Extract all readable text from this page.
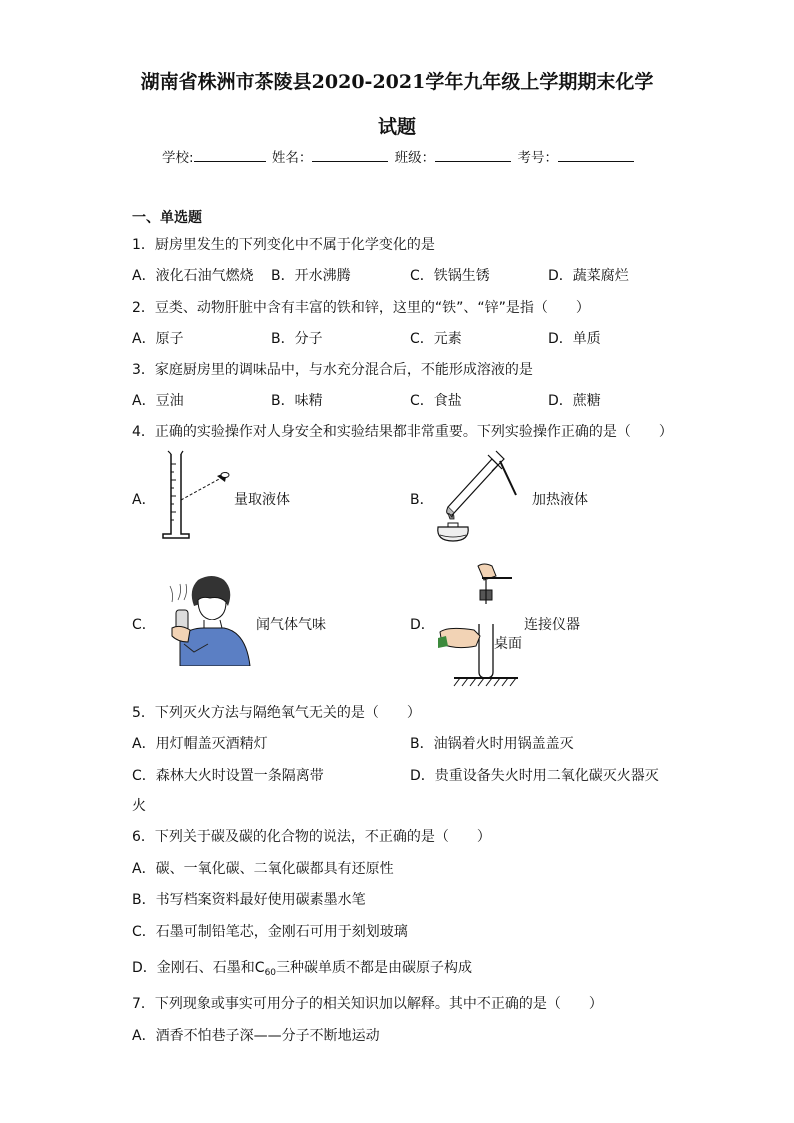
湖南省株洲市茶陵县2020-2021学年九年级上学期期末化学
试题
学校:	姓名：	班级：	考号：
一、单选题
1．厨房里发生的下列变化中不属于化学变化的是
A．液化石油气燃烧 B．开水沸腾	C．铁锅生锈	D．蔬菜腐烂
2．豆类、动物肝脏中含有丰富的铁和锌，这里的“铁”、“锌”是指（　　）
A．原子	B．分子	C．元素	D．单质
3．家庭厨房里的调味品中，与水充分混合后，不能形成溶液的是
A．豆油	B．味精	C．食盐	D．蔗糖
4．正确的实验操作对人身安全和实验结果都非常重要。下列实验操作正确的是（　　）
A．	量取液体	B．	加热液体
C．	闻气体气味	D．	连接仪器
桌面
5．下列灭火方法与隔绝氧气无关的是（　　）
A．用灯帽盖灭酒精灯	B．油锅着火时用锅盖盖灭
C．森林大火时设置一条隔离带	D．贵重设备失火时用二氧化碳灭火器灭
火
6．下列关于碳及碳的化合物的说法，不正确的是（　　）
A．碳、一氧化碳、二氧化碳都具有还原性
B．书写档案资料最好使用碳素墨水笔
C．石墨可制铅笔芯，金刚石可用于刻划玻璃
D．金刚石、石墨和$C_{60}$三种碳单质不都是由碳原子构成
7．下列现象或事实可用分子的相关知识加以解释。其中不正确的是（　　）
A．酒香不怕巷子深——分子不断地运动
